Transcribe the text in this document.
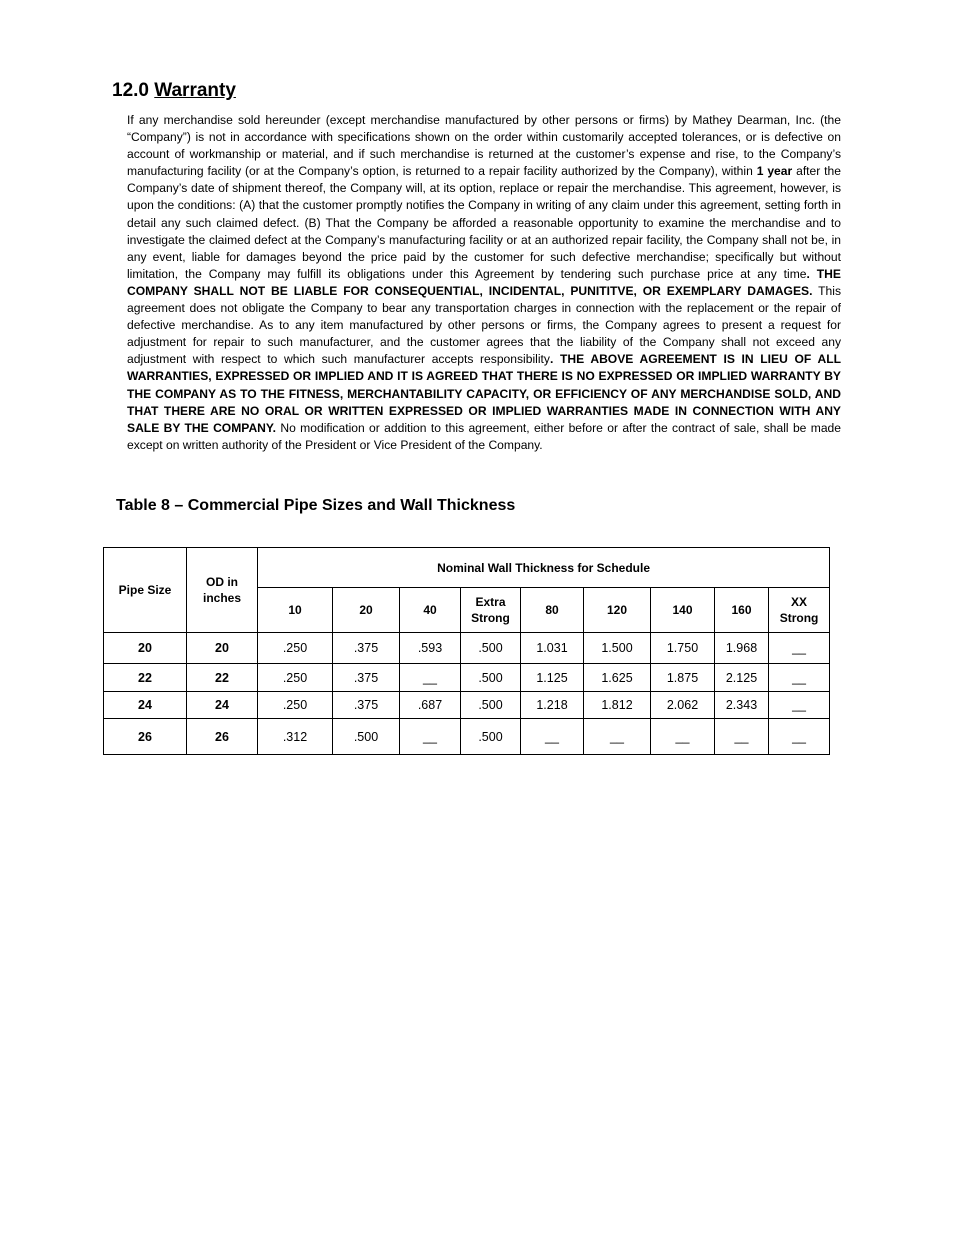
12.0 Warranty

If any merchandise sold hereunder (except merchandise manufactured by other persons or firms) by Mathey Dearman, Inc. (the “Company”) is not in accordance with specifications shown on the order within customarily accepted tolerances, or is defective on account of workmanship or material, and if such merchandise is returned at the customer’s expense and rise, to the Company’s manufacturing facility (or at the Company’s option, is returned to a repair facility authorized by the Company), within 1 year after the Company’s date of shipment thereof, the Company will, at its option, replace or repair the merchandise. This agreement, however, is upon the conditions: (A) that the customer promptly notifies the Company in writing of any claim under this agreement, setting forth in detail any such claimed defect. (B) That the Company be afforded a reasonable opportunity to examine the merchandise and to investigate the claimed defect at the Company’s manufacturing facility or at an authorized repair facility, the Company shall not be, in any event, liable for damages beyond the price paid by the customer for such defective merchandise; specifically but without limitation, the Company may fulfill its obligations under this Agreement by tendering such purchase price at any time. THE COMPANY SHALL NOT BE LIABLE FOR CONSEQUENTIAL, INCIDENTAL, PUNITITVE, OR EXEMPLARY DAMAGES. This agreement does not obligate the Company to bear any transportation charges in connection with the replacement or the repair of defective merchandise. As to any item manufactured by other persons or firms, the Company agrees to present a request for adjustment for repair to such manufacturer, and the customer agrees that the liability of the Company shall not exceed any adjustment with respect to which such manufacturer accepts responsibility. THE ABOVE AGREEMENT IS IN LIEU OF ALL WARRANTIES, EXPRESSED OR IMPLIED AND IT IS AGREED THAT THERE IS NO EXPRESSED OR IMPLIED WARRANTY BY THE COMPANY AS TO THE FITNESS, MERCHANTABILITY CAPACITY, OR EFFICIENCY OF ANY MERCHANDISE SOLD, AND THAT THERE ARE NO ORAL OR WRITTEN EXPRESSED OR IMPLIED WARRANTIES MADE IN CONNECTION WITH ANY SALE BY THE COMPANY. No modification or addition to this agreement, either before or after the contract of sale, shall be made except on written authority of the President or Vice President of the Company.

Table 8 – Commercial Pipe Sizes and Wall Thickness
Pipe Size	OD in inches	Nominal Wall Thickness for Schedule								
		10	20	40	Extra Strong	80	120	140	160	XX Strong
20	20	.250	.375	.593	.500	1.031	1.500	1.750	1.968	__
22	22	.250	.375	__	.500	1.125	1.625	1.875	2.125	__
24	24	.250	.375	.687	.500	1.218	1.812	2.062	2.343	__
26	26	.312	.500	__	.500	__	__	__	__	__
